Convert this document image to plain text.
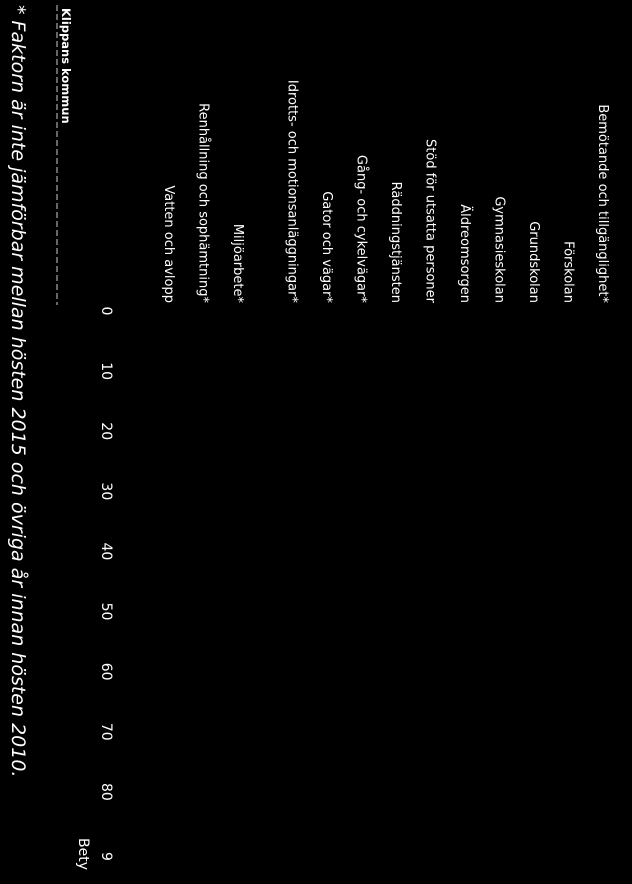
Bemötande och tillgänglighet*
Förskolan
Grundskolan
Gymnasieskolan
Äldreomsorgen
Stöd för utsatta personer
Räddningstjänsten
Gång- och cykelvägar*
Gator och vägar*
Idrotts- och motionsanläggningar*
Miljöarbete*
Renhållning och sophämtning*
Vatten och avlopp
0
10
20
30
40
50
60
70
80
9
Bety
Klippans kommun
* Faktorn är inte jämförbar mellan hösten 2015 och övriga år innan hösten 2010.
